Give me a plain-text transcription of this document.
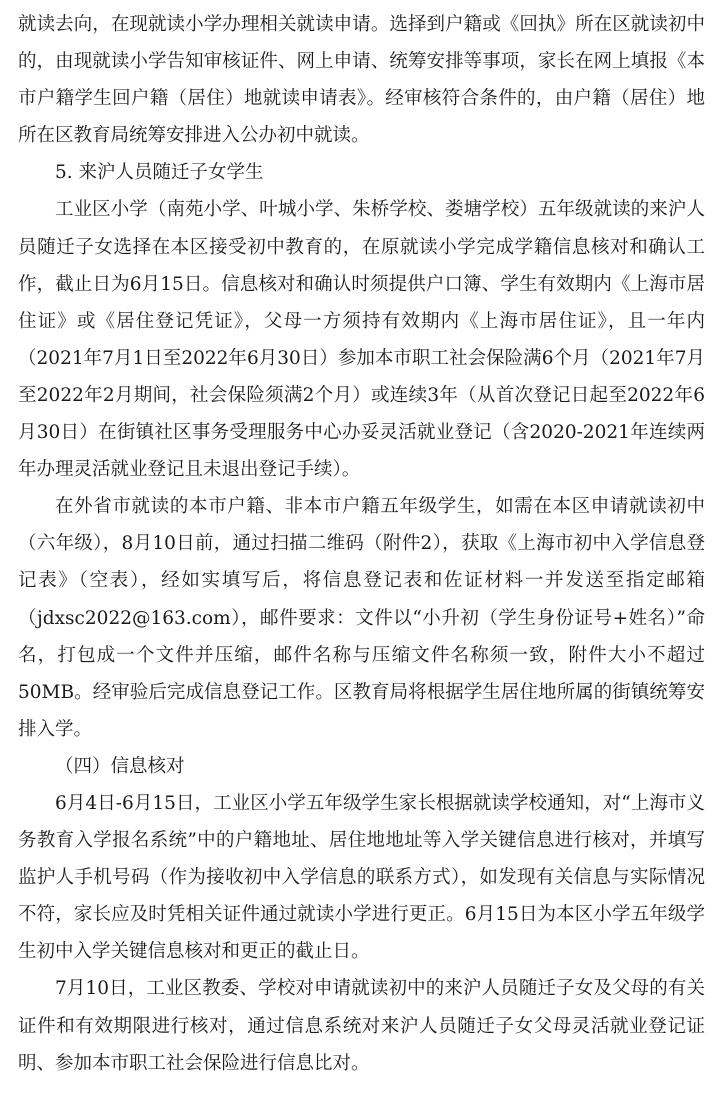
就读去向，在现就读小学办理相关就读申请。选择到户籍或《回执》所在区就读初中的，由现就读小学告知审核证件、网上申请、统筹安排等事项，家长在网上填报《本市户籍学生回户籍（居住）地就读申请表》。经审核符合条件的，由户籍（居住）地所在区教育局统筹安排进入公办初中就读。

5. 来沪人员随迁子女学生

工业区小学（南苑小学、叶城小学、朱桥学校、娄塘学校）五年级就读的来沪人员随迁子女选择在本区接受初中教育的，在原就读小学完成学籍信息核对和确认工作，截止日为6月15日。信息核对和确认时须提供户口簿、学生有效期内《上海市居住证》或《居住登记凭证》，父母一方须持有效期内《上海市居住证》，且一年内（2021年7月1日至2022年6月30日）参加本市职工社会保险满6个月（2021年7月至2022年2月期间，社会保险须满2个月）或连续3年（从首次登记日起至2022年6月30日）在街镇社区事务受理服务中心办妥灵活就业登记（含2020-2021年连续两年办理灵活就业登记且未退出登记手续）。

在外省市就读的本市户籍、非本市户籍五年级学生，如需在本区申请就读初中（六年级），8月10日前，通过扫描二维码（附件2），获取《上海市初中入学信息登记表》（空表），经如实填写后，将信息登记表和佐证材料一并发送至指定邮箱（jdxsc2022@163.com），邮件要求：文件以“小升初（学生身份证号+姓名）”命名，打包成一个文件并压缩，邮件名称与压缩文件名称须一致，附件大小不超过50MB。经审验后完成信息登记工作。区教育局将根据学生居住地所属的街镇统筹安排入学。

（四）信息核对

6月4日-6月15日，工业区小学五年级学生家长根据就读学校通知，对“上海市义务教育入学报名系统”中的户籍地址、居住地地址等入学关键信息进行核对，并填写监护人手机号码（作为接收初中入学信息的联系方式），如发现有关信息与实际情况不符，家长应及时凭相关证件通过就读小学进行更正。6月15日为本区小学五年级学生初中入学关键信息核对和更正的截止日。

7月10日，工业区教委、学校对申请就读初中的来沪人员随迁子女及父母的有关证件和有效期限进行核对，通过信息系统对来沪人员随迁子女父母灵活就业登记证明、参加本市职工社会保险进行信息比对。
